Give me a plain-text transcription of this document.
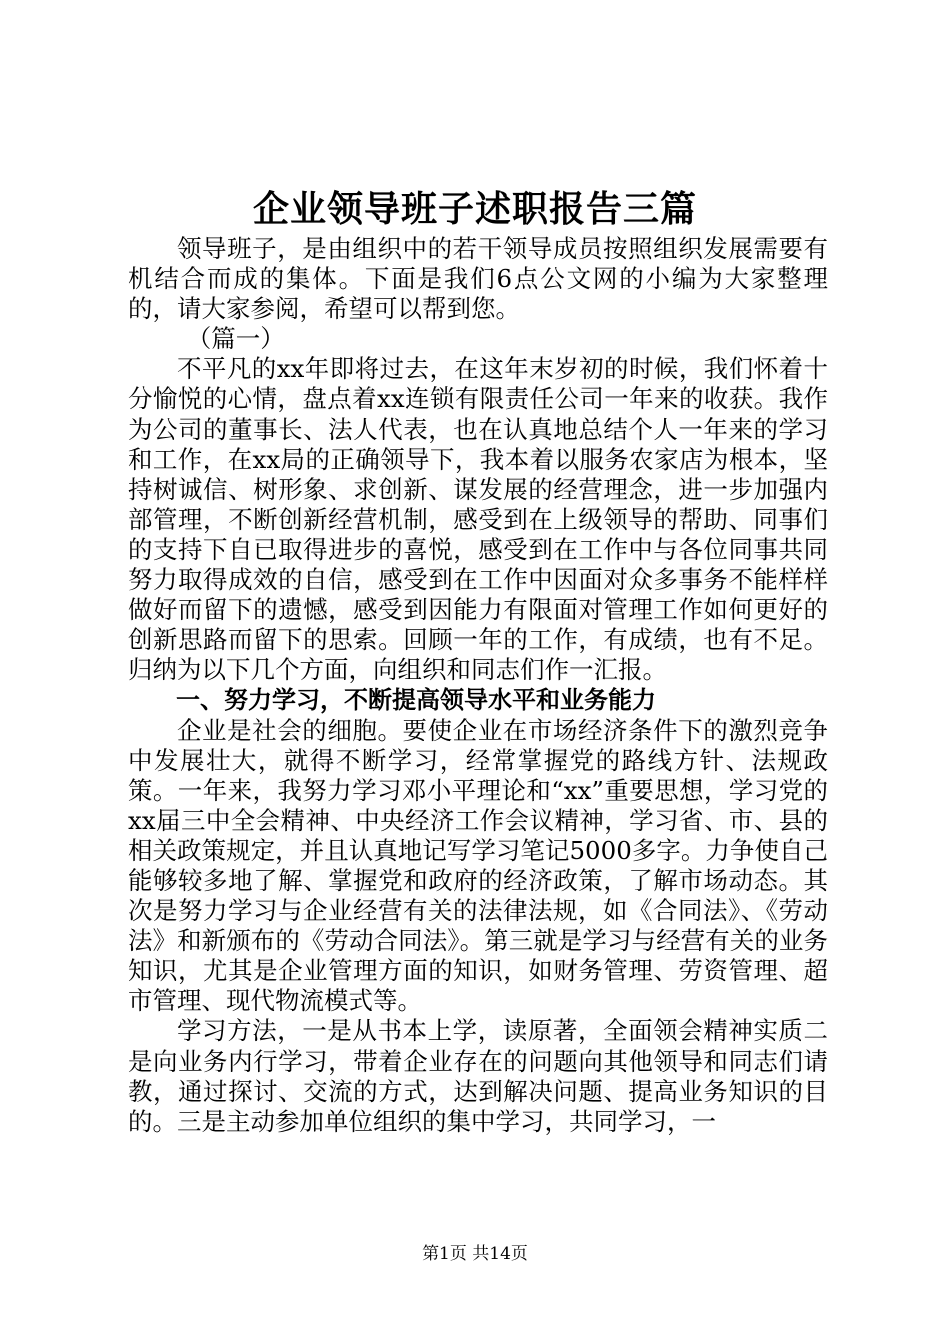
企业领导班子述职报告三篇

领导班子，是由组织中的若干领导成员按照组织发展需要有机结合而成的集体。下面是我们6点公文网的小编为大家整理的，请大家参阅，希望可以帮到您。

（篇一）

不平凡的xx年即将过去，在这年末岁初的时候，我们怀着十分愉悦的心情，盘点着xx连锁有限责任公司一年来的收获。我作为公司的董事长、法人代表，也在认真地总结个人一年来的学习和工作，在xx局的正确领导下，我本着以服务农家店为根本，坚持树诚信、树形象、求创新、谋发展的经营理念，进一步加强内部管理，不断创新经营机制，感受到在上级领导的帮助、同事们的支持下自已取得进步的喜悦，感受到在工作中与各位同事共同努力取得成效的自信，感受到在工作中因面对众多事务不能样样做好而留下的遗憾，感受到因能力有限面对管理工作如何更好的创新思路而留下的思索。回顾一年的工作，有成绩，也有不足。归纳为以下几个方面，向组织和同志们作一汇报。

一、努力学习，不断提高领导水平和业务能力

企业是社会的细胞。要使企业在市场经济条件下的激烈竞争中发展壮大，就得不断学习，经常掌握党的路线方针、法规政策。一年来，我努力学习邓小平理论和“xx”重要思想，学习党的xx届三中全会精神、中央经济工作会议精神，学习省、市、县的相关政策规定，并且认真地记写学习笔记5000多字。力争使自己能够较多地了解、掌握党和政府的经济政策，了解市场动态。其次是努力学习与企业经营有关的法律法规，如《合同法》、《劳动法》和新颁布的《劳动合同法》。第三就是学习与经营有关的业务知识，尤其是企业管理方面的知识，如财务管理、劳资管理、超市管理、现代物流模式等。

学习方法，一是从书本上学，读原著，全面领会精神实质二是向业务内行学习，带着企业存在的问题向其他领导和同志们请教，通过探讨、交流的方式，达到解决问题、提高业务知识的目的。三是主动参加单位组织的集中学习，共同学习，一

第1页 共14页
